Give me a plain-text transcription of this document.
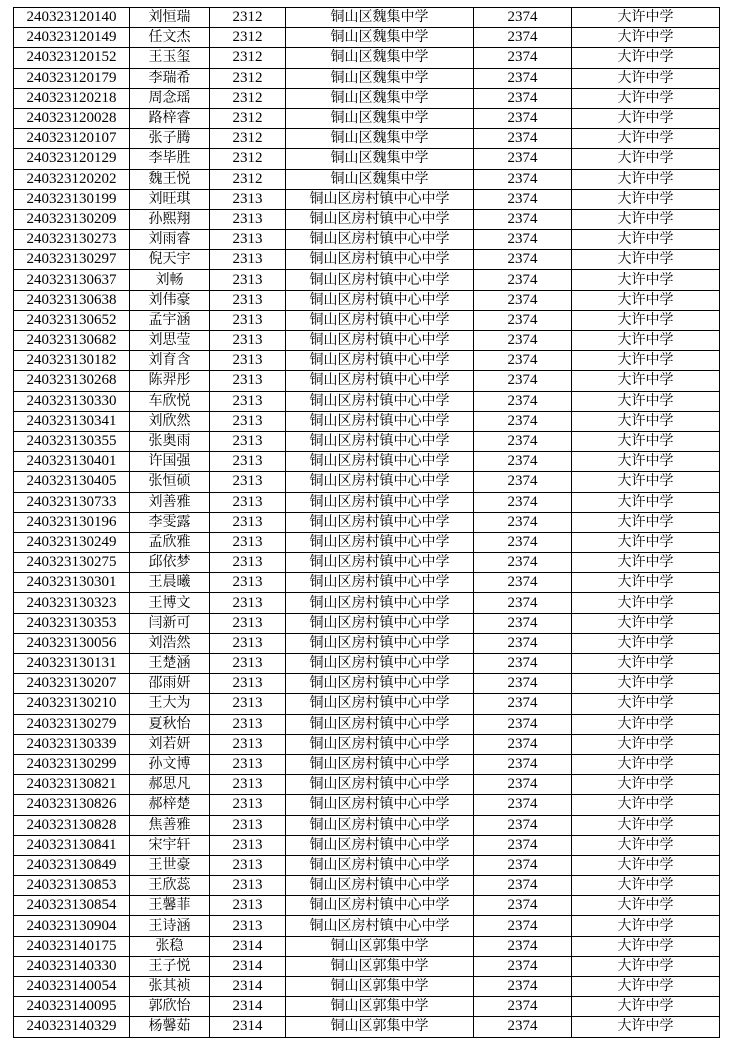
240323120140	刘恒瑞	2312	铜山区魏集中学	2374	大许中学
240323120149	任文杰	2312	铜山区魏集中学	2374	大许中学
240323120152	王玉玺	2312	铜山区魏集中学	2374	大许中学
240323120179	李瑞希	2312	铜山区魏集中学	2374	大许中学
240323120218	周念瑶	2312	铜山区魏集中学	2374	大许中学
240323120028	路梓睿	2312	铜山区魏集中学	2374	大许中学
240323120107	张子腾	2312	铜山区魏集中学	2374	大许中学
240323120129	李毕胜	2312	铜山区魏集中学	2374	大许中学
240323120202	魏王悦	2312	铜山区魏集中学	2374	大许中学
240323130199	刘旺琪	2313	铜山区房村镇中心中学	2374	大许中学
240323130209	孙熙翔	2313	铜山区房村镇中心中学	2374	大许中学
240323130273	刘雨睿	2313	铜山区房村镇中心中学	2374	大许中学
240323130297	倪天宇	2313	铜山区房村镇中心中学	2374	大许中学
240323130637	刘畅	2313	铜山区房村镇中心中学	2374	大许中学
240323130638	刘伟豪	2313	铜山区房村镇中心中学	2374	大许中学
240323130652	孟宇涵	2313	铜山区房村镇中心中学	2374	大许中学
240323130682	刘思莹	2313	铜山区房村镇中心中学	2374	大许中学
240323130182	刘育含	2313	铜山区房村镇中心中学	2374	大许中学
240323130268	陈羿彤	2313	铜山区房村镇中心中学	2374	大许中学
240323130330	车欣悦	2313	铜山区房村镇中心中学	2374	大许中学
240323130341	刘欣然	2313	铜山区房村镇中心中学	2374	大许中学
240323130355	张奥雨	2313	铜山区房村镇中心中学	2374	大许中学
240323130401	许国强	2313	铜山区房村镇中心中学	2374	大许中学
240323130405	张恒硕	2313	铜山区房村镇中心中学	2374	大许中学
240323130733	刘善雅	2313	铜山区房村镇中心中学	2374	大许中学
240323130196	李雯露	2313	铜山区房村镇中心中学	2374	大许中学
240323130249	孟欣雅	2313	铜山区房村镇中心中学	2374	大许中学
240323130275	邱依梦	2313	铜山区房村镇中心中学	2374	大许中学
240323130301	王晨曦	2313	铜山区房村镇中心中学	2374	大许中学
240323130323	王博文	2313	铜山区房村镇中心中学	2374	大许中学
240323130353	闫新可	2313	铜山区房村镇中心中学	2374	大许中学
240323130056	刘浩然	2313	铜山区房村镇中心中学	2374	大许中学
240323130131	王楚涵	2313	铜山区房村镇中心中学	2374	大许中学
240323130207	邵雨妍	2313	铜山区房村镇中心中学	2374	大许中学
240323130210	王大为	2313	铜山区房村镇中心中学	2374	大许中学
240323130279	夏秋怡	2313	铜山区房村镇中心中学	2374	大许中学
240323130339	刘若妍	2313	铜山区房村镇中心中学	2374	大许中学
240323130299	孙文博	2313	铜山区房村镇中心中学	2374	大许中学
240323130821	郝思凡	2313	铜山区房村镇中心中学	2374	大许中学
240323130826	郝梓楚	2313	铜山区房村镇中心中学	2374	大许中学
240323130828	焦善雅	2313	铜山区房村镇中心中学	2374	大许中学
240323130841	宋宇轩	2313	铜山区房村镇中心中学	2374	大许中学
240323130849	王世豪	2313	铜山区房村镇中心中学	2374	大许中学
240323130853	王欣蕊	2313	铜山区房村镇中心中学	2374	大许中学
240323130854	王馨菲	2313	铜山区房村镇中心中学	2374	大许中学
240323130904	王诗涵	2313	铜山区房村镇中心中学	2374	大许中学
240323140175	张稳	2314	铜山区郭集中学	2374	大许中学
240323140330	王子悦	2314	铜山区郭集中学	2374	大许中学
240323140054	张其祯	2314	铜山区郭集中学	2374	大许中学
240323140095	郭欣怡	2314	铜山区郭集中学	2374	大许中学
240323140329	杨馨茹	2314	铜山区郭集中学	2374	大许中学
